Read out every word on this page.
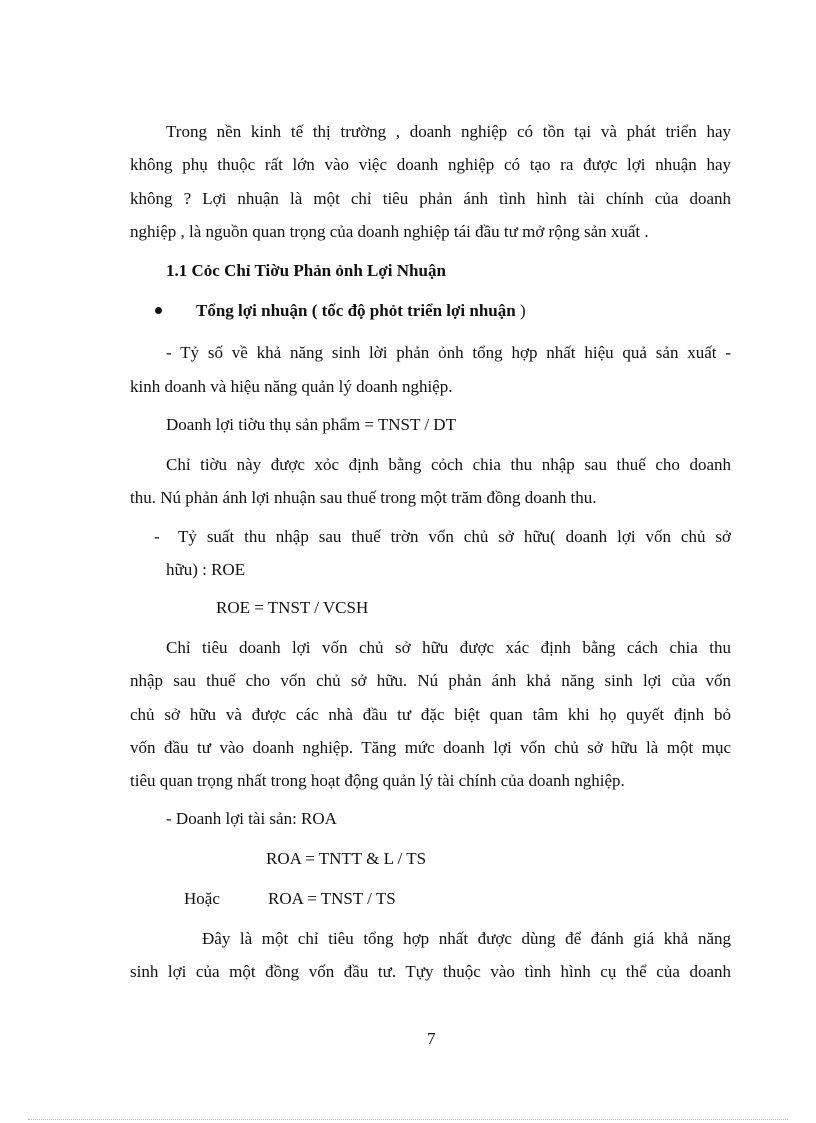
Trong nền kinh tế thị trường , doanh nghiệp có tồn tại và phát triển hay
không phụ thuộc rất lớn vào việc doanh nghiệp có tạo ra được lợi nhuận hay
không ? Lợi nhuận là một chỉ tiêu phản ánh tình hình tài chính của doanh
nghiệp , là nguồn quan trọng của doanh nghiệp tái đầu tư mở rộng sản xuất .
1.1 Cỏc Chỉ Tiờu Phản ỏnh Lợi Nhuận
Tổng lợi nhuận ( tốc độ phỏt triển lợi nhuận )
- Tỷ số về khả năng sinh lời phản ỏnh tổng hợp nhất hiệu quả sản xuất -
kinh doanh và hiệu năng quản lý doanh nghiệp.
Doanh lợi tiờu thụ sản phẩm = TNST / DT
Chỉ tiờu này được xỏc định bằng cỏch chia thu nhập sau thuế cho doanh
thu. Nú phản ánh lợi nhuận sau thuế trong một trăm đồng doanh thu.
- Tỷ suất thu nhập sau thuế trờn vốn chủ sở hữu( doanh lợi vốn chủ sở
hữu) : ROE
ROE = TNST / VCSH
Chỉ tiêu doanh lợi vốn chủ sở hữu được xác định bằng cách chia thu
nhập sau thuế cho vốn chủ sở hữu. Nú phản ánh khả năng sinh lợi của vốn
chủ sở hữu và được các nhà đầu tư đặc biệt quan tâm khi họ quyết định bỏ
vốn đầu tư vào doanh nghiệp. Tăng mức doanh lợi vốn chủ sở hữu là một mục
tiêu quan trọng nhất trong hoạt động quản lý tài chính của doanh nghiệp.
- Doanh lợi tài sản: ROA
ROA = TNTT & L / TS
Hoặc	ROA = TNST / TS
Đây là một chỉ tiêu tổng hợp nhất được dùng để đánh giá khả năng
sinh lợi của một đồng vốn đầu tư. Tựy thuộc vào tình hình cụ thể của doanh
7
